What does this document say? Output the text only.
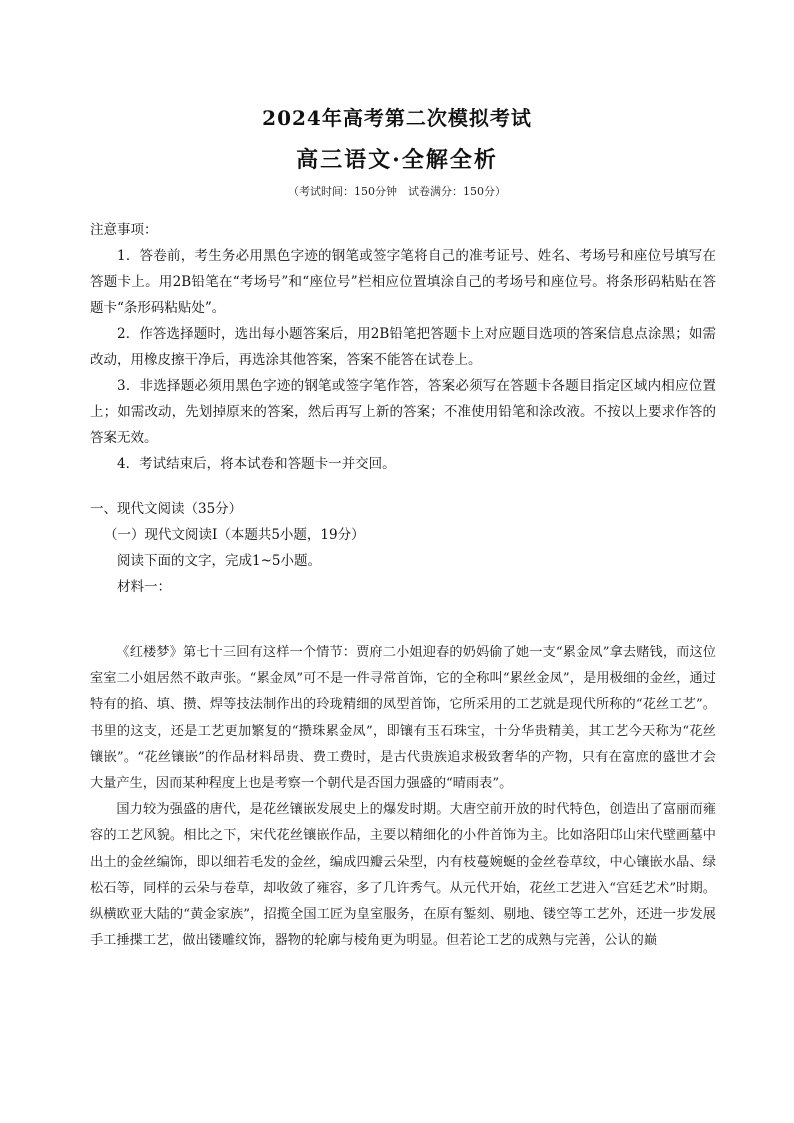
2024年高考第二次模拟考试
高三语文·全解全析
（考试时间：150分钟　试卷满分：150分）

注意事项：

1．答卷前，考生务必用黑色字迹的钢笔或签字笔将自己的准考证号、姓名、考场号和座位号填写在答题卡上。用2B铅笔在“考场号”和“座位号”栏相应位置填涂自己的考场号和座位号。将条形码粘贴在答题卡“条形码粘贴处”。

2．作答选择题时，选出每小题答案后，用2B铅笔把答题卡上对应题目选项的答案信息点涂黑；如需改动，用橡皮擦干净后，再选涂其他答案，答案不能答在试卷上。

3．非选择题必须用黑色字迹的钢笔或签字笔作答，答案必须写在答题卡各题目指定区域内相应位置上；如需改动，先划掉原来的答案，然后再写上新的答案；不准使用铅笔和涂改液。不按以上要求作答的答案无效。

4．考试结束后，将本试卷和答题卡一并交回。

一、现代文阅读（35分）

（一）现代文阅读Ⅰ（本题共5小题，19分）

阅读下面的文字，完成1~5小题。

材料一：

《红楼梦》第七十三回有这样一个情节：贾府二小姐迎春的奶妈偷了她一支“累金凤”拿去赌钱，而这位室室二小姐居然不敢声张。“累金凤”可不是一件寻常首饰，它的全称叫“累丝金凤”，是用极细的金丝，通过特有的掐、填、攒、焊等技法制作出的玲珑精细的凤型首饰，它所采用的工艺就是现代所称的“花丝工艺”。书里的这支，还是工艺更加繁复的“攒珠累金凤”，即镶有玉石珠宝，十分华贵精美，其工艺今天称为“花丝镶嵌”。“花丝镶嵌”的作品材料昂贵、费工费时，是古代贵族追求极致奢华的产物，只有在富庶的盛世才会大量产生，因而某种程度上也是考察一个朝代是否国力强盛的“晴雨表”。

国力较为强盛的唐代，是花丝镶嵌发展史上的爆发时期。大唐空前开放的时代特色，创造出了富丽而雍容的工艺风貌。相比之下，宋代花丝镶嵌作品，主要以精细化的小件首饰为主。比如洛阳邙山宋代壁画墓中出土的金丝编饰，即以细若毛发的金丝，编成四瓣云朵型，内有枝蔓婉蜒的金丝卷草纹，中心镶嵌水晶、绿松石等，同样的云朵与卷草，却收敛了雍容，多了几许秀气。从元代开始，花丝工艺进入“宫廷艺术”时期。纵横欧亚大陆的“黄金家族”，招揽全国工匠为皇室服务，在原有錾刻、剔地、镂空等工艺外，还进一步发展手工捶揲工艺，做出镂雕纹饰，器物的轮廓与棱角更为明显。但若论工艺的成熟与完善，公认的巅
